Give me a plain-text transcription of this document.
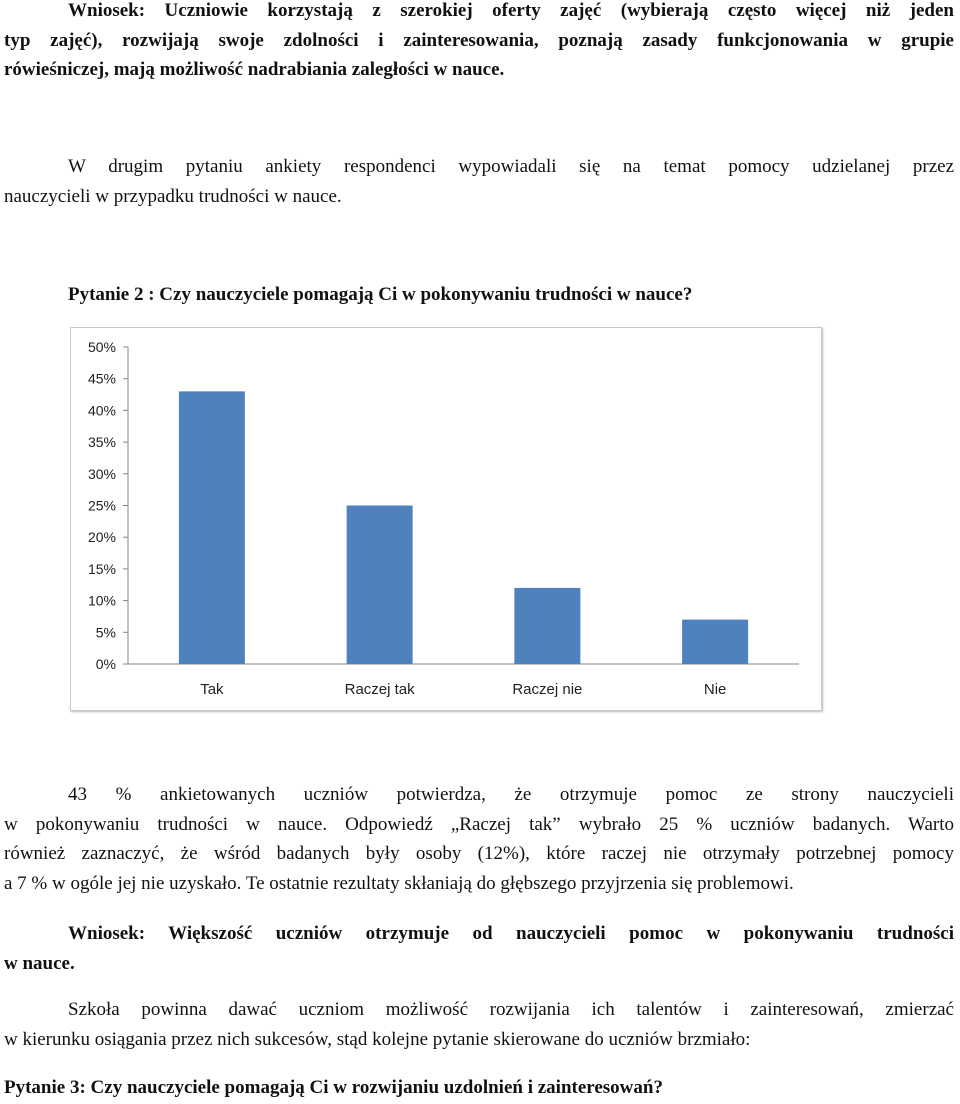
Wniosek: Uczniowie korzystają z szerokiej oferty zajęć (wybierają często więcej niż jeden
typ zajęć), rozwijają swoje zdolności i zainteresowania, poznają zasady funkcjonowania w grupie
rówieśniczej, mają możliwość nadrabiania zaległości w nauce.
W drugim pytaniu ankiety respondenci wypowiadali się na temat pomocy udzielanej przez
nauczycieli w przypadku trudności w nauce.
Pytanie 2 : Czy nauczyciele pomagają Ci w pokonywaniu trudności w nauce?
0%
5%
10%
15%
20%
25%
30%
35%
40%
45%
50%
Tak	Raczej tak	Raczej nie	Nie
43 % ankietowanych uczniów potwierdza, że otrzymuje pomoc ze strony nauczycieli
w pokonywaniu trudności w nauce. Odpowiedź „Raczej tak” wybrało 25 % uczniów badanych. Warto
również zaznaczyć, że wśród badanych były osoby (12%), które raczej nie otrzymały potrzebnej pomocy
a 7 % w ogóle jej nie uzyskało. Te ostatnie rezultaty skłaniają do głębszego przyjrzenia się problemowi.
Wniosek: Większość uczniów otrzymuje od nauczycieli pomoc w pokonywaniu trudności
w nauce.
Szkoła powinna dawać uczniom możliwość rozwijania ich talentów i zainteresowań, zmierzać
w kierunku osiągania przez nich sukcesów, stąd kolejne pytanie skierowane do uczniów brzmiało:
Pytanie 3: Czy nauczyciele pomagają Ci w rozwijaniu uzdolnień i zainteresowań?
